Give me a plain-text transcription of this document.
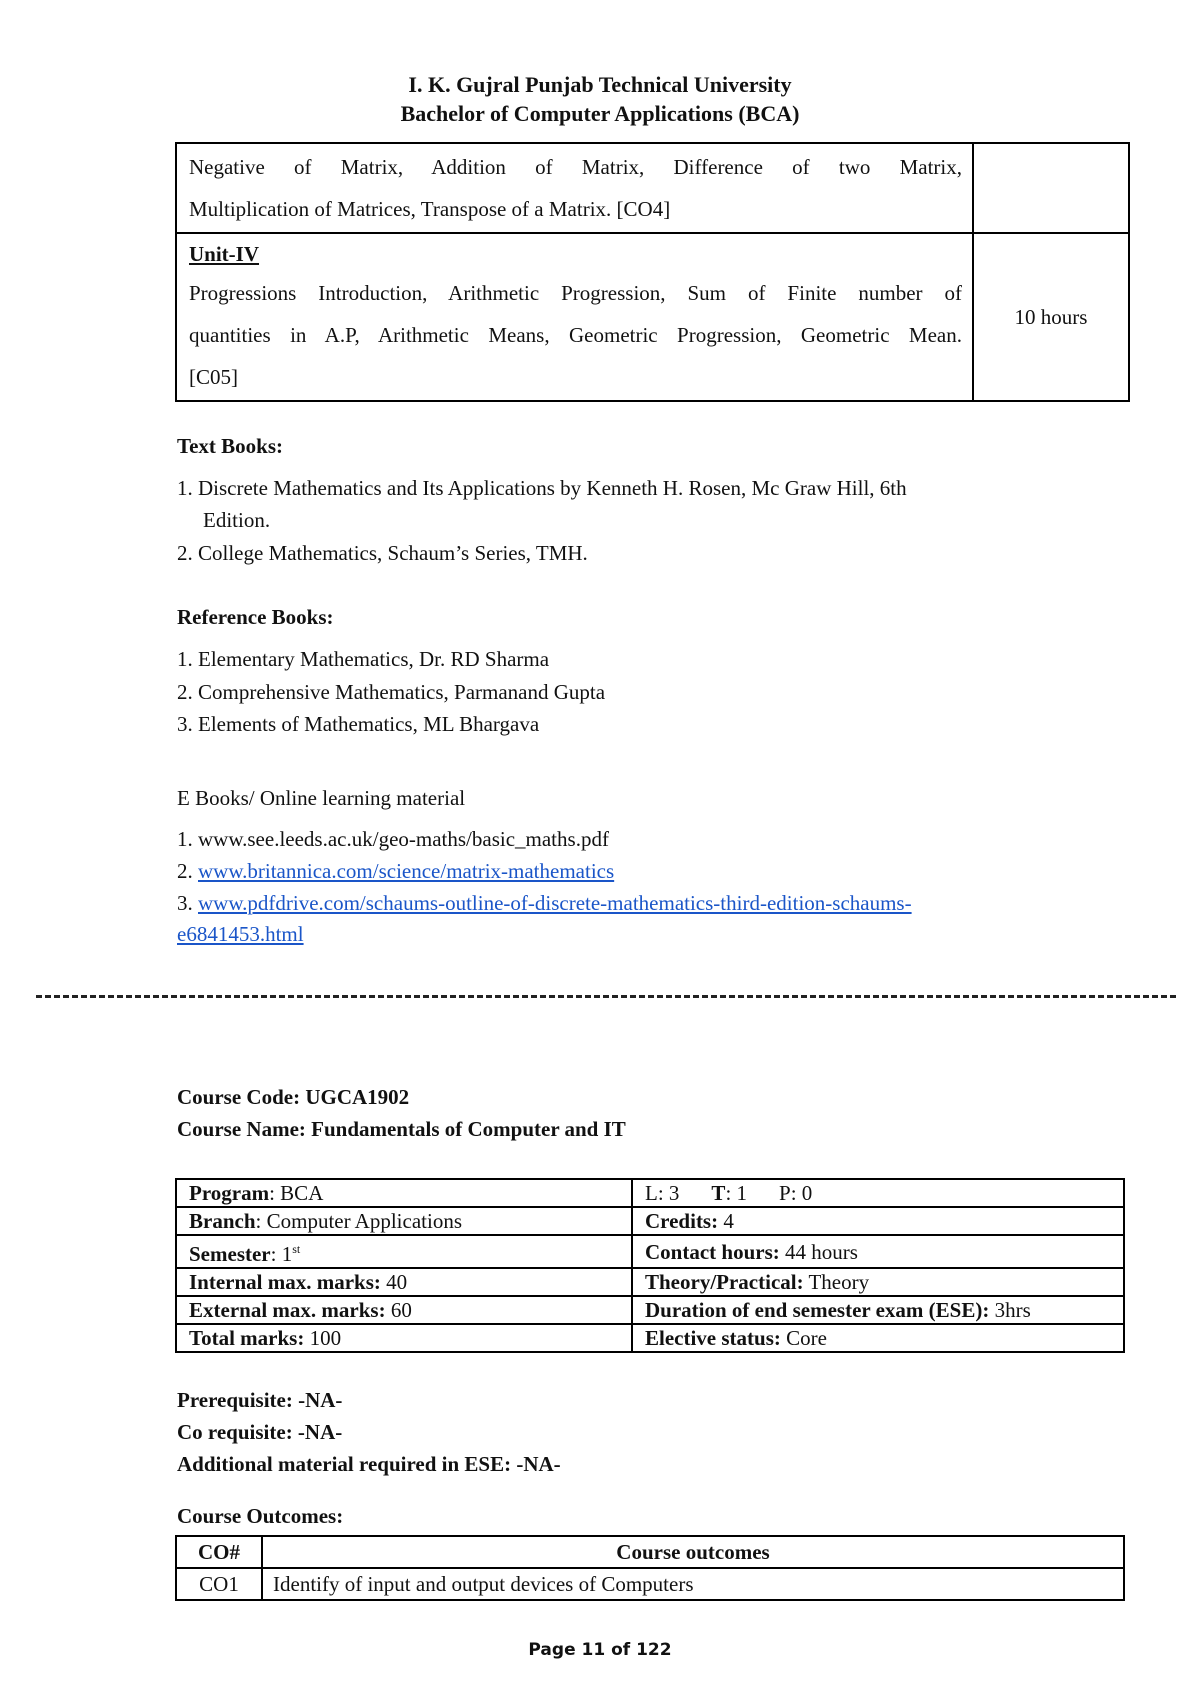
I. K. Gujral Punjab Technical University
Bachelor of Computer Applications (BCA)
Negative of Matrix, Addition of Matrix, Difference of two Matrix,
Multiplication of Matrices, Transpose of a Matrix. [CO4]	

Unit-IV
Progressions Introduction, Arithmetic Progression, Sum of Finite number of
quantities in A.P, Arithmetic Means, Geometric Progression, Geometric Mean.
[C05]	10 hours
Text Books:
1. Discrete Mathematics and Its Applications by Kenneth H. Rosen, Mc Graw Hill, 6th
Edition.
2. College Mathematics, Schaum’s Series, TMH.
Reference Books:
1. Elementary Mathematics, Dr. RD Sharma
2. Comprehensive Mathematics, Parmanand Gupta
3. Elements of Mathematics, ML Bhargava
E Books/ Online learning material
1. www.see.leeds.ac.uk/geo-maths/basic_maths.pdf
2. www.britannica.com/science/matrix-mathematics
3. www.pdfdrive.com/schaums-outline-of-discrete-mathematics-third-edition-schaums-
e6841453.html
Course Code: UGCA1902
Course Name: Fundamentals of Computer and IT
Program: BCA	L: 3 T: 1 P: 0
Branch: Computer Applications	Credits: 4
Semester: 1st	Contact hours: 44 hours
Internal max. marks: 40	Theory/Practical: Theory
External max. marks: 60	Duration of end semester exam (ESE): 3hrs
Total marks: 100	Elective status: Core
Prerequisite: -NA-
Co requisite: -NA-
Additional material required in ESE: -NA-
Course Outcomes:
CO#	Course outcomes
CO1	Identify of input and output devices of Computers
Page 11 of 122
